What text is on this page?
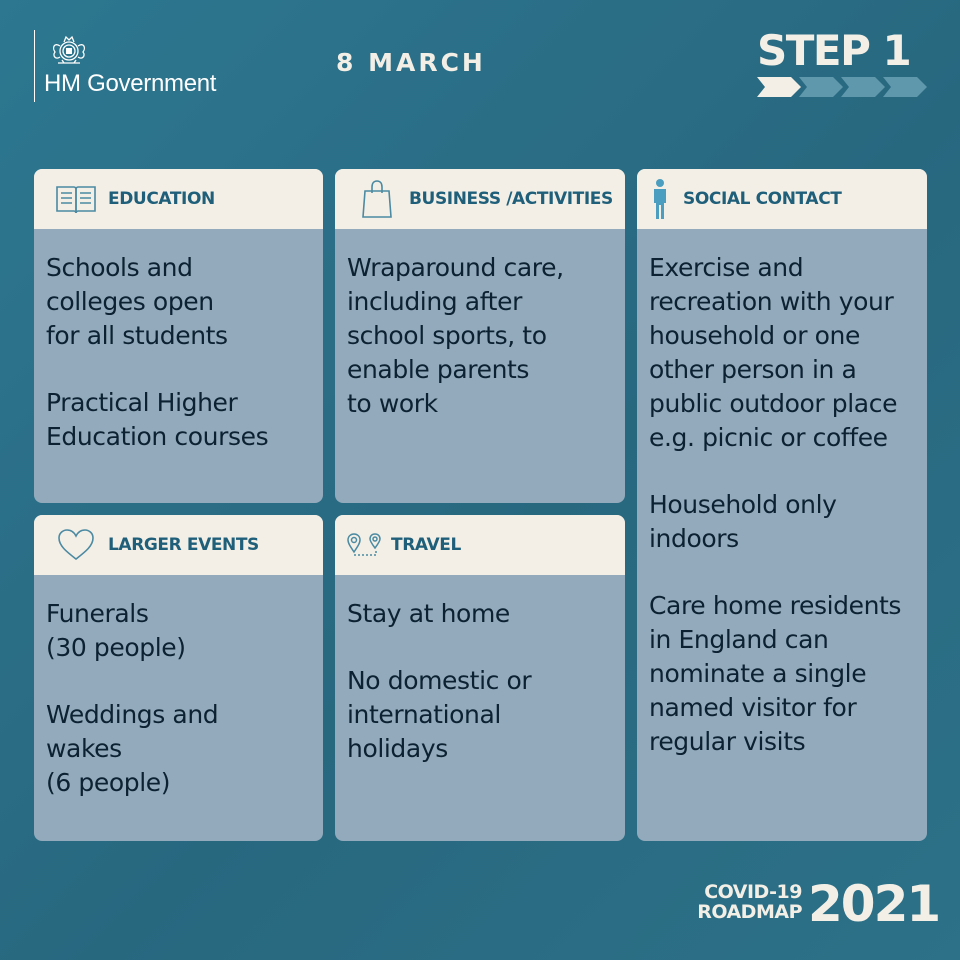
HM Government
8 MARCH	STEP 1
EDUCATION

Schools and
colleges open
for all students

Practical Higher
Education courses

BUSINESS /ACTIVITIES

Wraparound care,
including after
school sports, to
enable parents
to work

SOCIAL CONTACT

Exercise and
recreation with your
household or one
other person in a
public outdoor place
e.g. picnic or coffee

Household only
indoors

Care home residents
in England can
nominate a single
named visitor for
regular visits

LARGER EVENTS

Funerals
(30 people)

Weddings and
wakes
(6 people)

TRAVEL

Stay at home

No domestic or
international
holidays

COVID-19
ROADMAP 2021
